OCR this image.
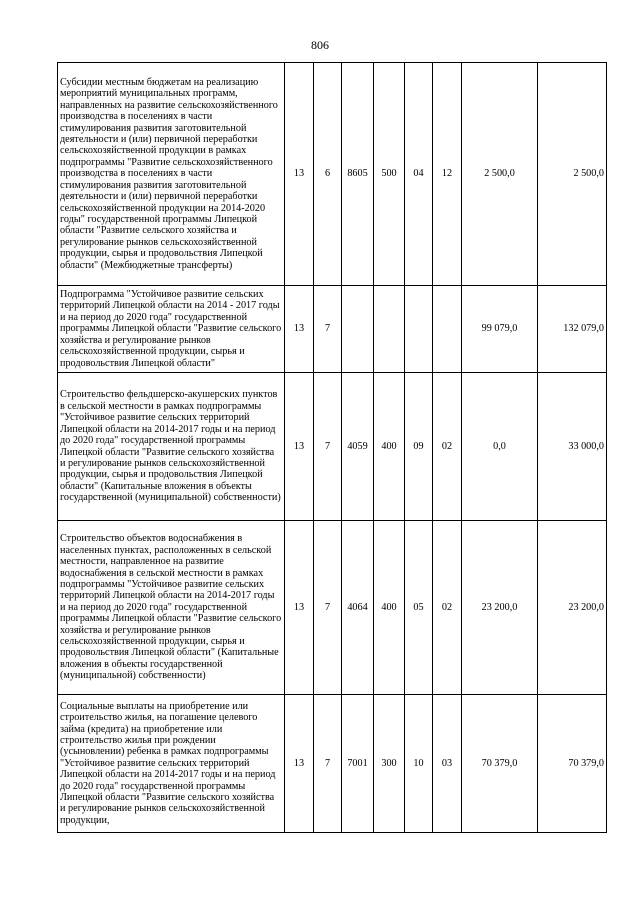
806
Субсидии местным бюджетам на реализацию мероприятий муниципальных программ, направленных на развитие сельскохозяйственного производства в поселениях в части стимулирования развития заготовительной деятельности и (или) первичной переработки сельскохозяйственной продукции в рамках подпрограммы "Развитие сельскохозяйственного производства в поселениях в части стимулирования развития заготовительной деятельности и (или) первичной переработки сельскохозяйственной продукции на 2014-2020 годы" государственной программы Липецкой области "Развитие сельского хозяйства и регулирование рынков сельскохозяйственной продукции, сырья и продовольствия Липецкой области" (Межбюджетные трансферты)	13	6	8605	500	04	12	2 500,0	2 500,0
Подпрограмма "Устойчивое развитие сельских территорий Липецкой области на 2014 - 2017 годы и на период до 2020 года" государственной программы Липецкой области "Развитие сельского хозяйства и регулирование рынков сельскохозяйственной продукции, сырья и продовольствия Липецкой области"	13	7					99 079,0	132 079,0
Строительство фельдшерско-акушерских пунктов в сельской местности в рамках подпрограммы "Устойчивое развитие сельских территорий Липецкой области на 2014-2017 годы и на период до 2020 года" государственной программы Липецкой области "Развитие сельского хозяйства и регулирование рынков сельскохозяйственной продукции, сырья и продовольствия Липецкой области" (Капитальные вложения в объекты государственной (муниципальной) собственности)	13	7	4059	400	09	02	0,0	33 000,0
Строительство объектов водоснабжения в населенных пунктах, расположенных в сельской местности, направленное на развитие водоснабжения в сельской местности в рамках подпрограммы "Устойчивое развитие сельских территорий Липецкой области на 2014-2017 годы и на период до 2020 года" государственной программы Липецкой области "Развитие сельского хозяйства и регулирование рынков сельскохозяйственной продукции, сырья и продовольствия Липецкой области" (Капитальные вложения в объекты государственной (муниципальной) собственности)	13	7	4064	400	05	02	23 200,0	23 200,0
Социальные выплаты на приобретение или строительство жилья, на погашение целевого займа (кредита) на приобретение или строительство жилья при рождении (усыновлении) ребенка в рамках подпрограммы "Устойчивое развитие сельских территорий Липецкой области на 2014-2017 годы и на период до 2020 года" государственной программы Липецкой области "Развитие сельского хозяйства и регулирование рынков сельскохозяйственной продукции,	13	7	7001	300	10	03	70 379,0	70 379,0
